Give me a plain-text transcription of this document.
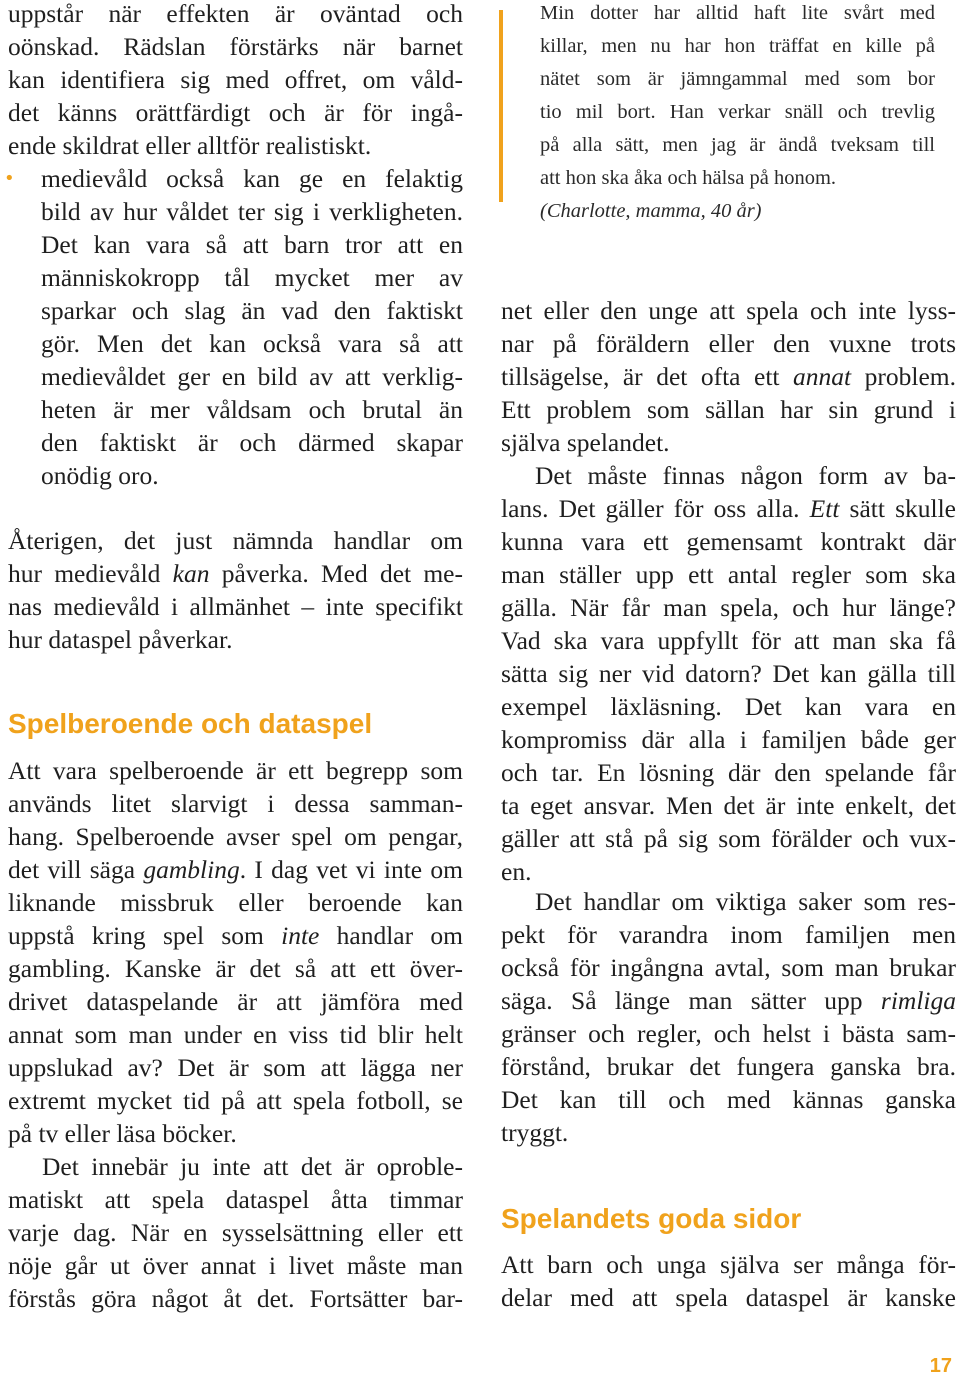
uppstår när effekten är oväntad och
oönskad. Rädslan förstärks när barnet
kan identifiera sig med offret, om våld-
det känns orättfärdigt och är för ingå-
ende skildrat eller alltför realistiskt.
• medievåld också kan ge en felaktig
bild av hur våldet ter sig i verkligheten.
Det kan vara så att barn tror att en
människokropp tål mycket mer av
sparkar och slag än vad den faktiskt
gör. Men det kan också vara så att
medievåldet ger en bild av att verklig-
heten är mer våldsam och brutal än
den faktiskt är och därmed skapar
onödig oro.
Återigen, det just nämnda handlar om
hur medievåld kan påverka. Med det me-
nas medievåld i allmänhet – inte specifikt
hur dataspel påverkar.
Spelberoende och dataspel
Att vara spelberoende är ett begrepp som
används litet slarvigt i dessa samman-
hang. Spelberoende avser spel om pengar,
det vill säga gambling. I dag vet vi inte om
liknande missbruk eller beroende kan
uppstå kring spel som inte handlar om
gambling. Kanske är det så att ett över-
drivet dataspelande är att jämföra med
annat som man under en viss tid blir helt
uppslukad av? Det är som att lägga ner
extremt mycket tid på att spela fotboll, se
på tv eller läsa böcker.
Det innebär ju inte att det är oproble-
matiskt att spela dataspel åtta timmar
varje dag. När en sysselsättning eller ett
nöje går ut över annat i livet måste man
förstås göra något åt det. Fortsätter bar-
Min dotter har alltid haft lite svårt med
killar, men nu har hon träffat en kille på
nätet som är jämngammal med som bor
tio mil bort. Han verkar snäll och trevlig
på alla sätt, men jag är ändå tveksam till
att hon ska åka och hälsa på honom.
(Charlotte, mamma, 40 år)
net eller den unge att spela och inte lyss-
nar på föräldern eller den vuxne trots
tillsägelse, är det ofta ett annat problem.
Ett problem som sällan har sin grund i
själva spelandet.
Det måste finnas någon form av ba-
lans. Det gäller för oss alla. Ett sätt skulle
kunna vara ett gemensamt kontrakt där
man ställer upp ett antal regler som ska
gälla. När får man spela, och hur länge?
Vad ska vara uppfyllt för att man ska få
sätta sig ner vid datorn? Det kan gälla till
exempel läxläsning. Det kan vara en
kompromiss där alla i familjen både ger
och tar. En lösning där den spelande får
ta eget ansvar. Men det är inte enkelt, det
gäller att stå på sig som förälder och vux-
en.
Det handlar om viktiga saker som res-
pekt för varandra inom familjen men
också för ingångna avtal, som man brukar
säga. Så länge man sätter upp rimliga
gränser och regler, och helst i bästa sam-
förstånd, brukar det fungera ganska bra.
Det kan till och med kännas ganska
tryggt.
Spelandets goda sidor
Att barn och unga själva ser många för-
delar med att spela dataspel är kanske
17
